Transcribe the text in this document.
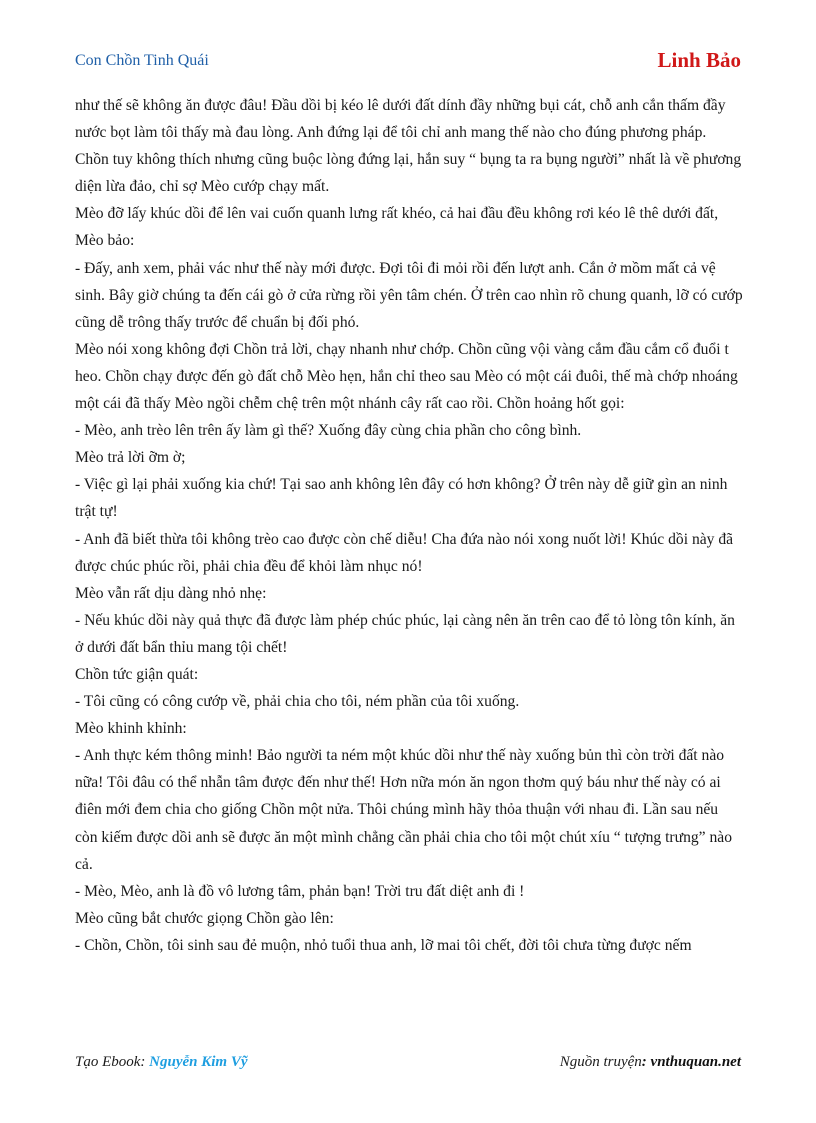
Con Chồn Tinh Quái	Linh Bảo

như thế sẽ không ăn được đâu! Đầu dồi bị kéo lê dưới đất dính đầy những bụi cát, chỗ anh cắn thấm đầy nước bọt làm tôi thấy mà đau lòng. Anh đứng lại để tôi chỉ anh mang thế nào cho đúng phương pháp.

Chồn tuy không thích nhưng cũng buộc lòng đứng lại, hắn suy “ bụng ta ra bụng người” nhất là về phương diện lừa đảo, chỉ sợ Mèo cướp chạy mất.

Mèo đỡ lấy khúc dồi để lên vai cuốn quanh lưng rất khéo, cả hai đầu đều không rơi kéo lê thê dưới đất, Mèo bảo:

- Đấy, anh xem, phải vác như thế này mới được. Đợi tôi đi mỏi rồi đến lượt anh. Cắn ở mồm mất cả vệ sinh. Bây giờ chúng ta đến cái gò ở cửa rừng rồi yên tâm chén. Ở trên cao nhìn rõ chung quanh, lỡ có cướp cũng dễ trông thấy trước để chuẩn bị đối phó.

Mèo nói xong không đợi Chồn trả lời, chạy nhanh như chớp. Chồn cũng vội vàng cắm đầu cắm cổ đuổi t heo. Chồn chạy được đến gò đất chỗ Mèo hẹn, hắn chỉ theo sau Mèo có một cái đuôi, thế mà chớp nhoáng một cái đã thấy Mèo ngồi chễm chệ trên một nhánh cây rất cao rồi. Chồn hoảng hốt gọi:

- Mèo, anh trèo lên trên ấy làm gì thế? Xuống đây cùng chia phần cho công bình.

Mèo trả lời ỡm ờ;

- Việc gì lại phải xuống kia chứ! Tại sao anh không lên đây có hơn không? Ở trên này dễ giữ gìn an ninh trật tự!

- Anh đã biết thừa tôi không trèo cao được còn chế diễu! Cha đứa nào nói xong nuốt lời! Khúc dồi này đã được chúc phúc rồi, phải chia đều để khỏi làm nhục nó!

Mèo vẫn rất dịu dàng nhỏ nhẹ:

- Nếu khúc dồi này quả thực đã được làm phép chúc phúc, lại càng nên ăn trên cao để tỏ lòng tôn kính, ăn ở dưới đất bẩn thỉu mang tội chết!

Chồn tức giận quát:

- Tôi cũng có công cướp về, phải chia cho tôi, ném phần của tôi xuống.

Mèo khinh khỉnh:

- Anh thực kém thông minh! Bảo người ta ném một khúc dồi như thế này xuống bủn thì còn trời đất nào nữa! Tôi đâu có thể nhẫn tâm được đến như thế! Hơn nữa món ăn ngon thơm quý báu như thế này có ai điên mới đem chia cho giống Chồn một nửa. Thôi chúng mình hãy thỏa thuận với nhau đi. Lần sau nếu còn kiếm được dồi anh sẽ được ăn một mình chẳng cần phải chia cho tôi một chút xíu “ tượng trưng” nào cả.

- Mèo, Mèo, anh là đồ vô lương tâm, phản bạn! Trời tru đất diệt anh đi !

Mèo cũng bắt chước giọng Chồn gào lên:

- Chồn, Chồn, tôi sinh sau đẻ muộn, nhỏ tuổi thua anh, lỡ mai tôi chết, đời tôi chưa từng được nếm

Tạo Ebook: Nguyễn Kim Vỹ	Nguồn truyện: vnthuquan.net
